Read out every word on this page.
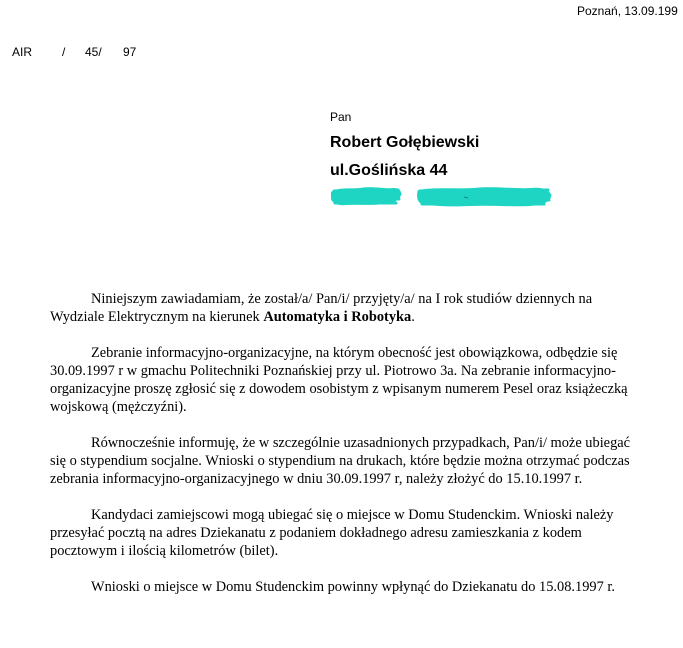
Poznań, 13.09.199
AIR / 45/ 97
Pan
Robert Gołębiewski
ul.Goślińska 44

Niniejszym zawiadamiam, że został/a/ Pan/i/ przyjęty/a/ na I rok studiów dziennych na Wydziale Elektrycznym na kierunek Automatyka i Robotyka.

Zebranie informacyjno-organizacyjne, na którym obecność jest obowiązkowa, odbędzie się 30.09.1997 r w gmachu Politechniki Poznańskiej przy ul. Piotrowo 3a. Na zebranie informacyjno-organizacyjne proszę zgłosić się z dowodem osobistym z wpisanym numerem Pesel oraz książeczką wojskową (mężczyźni).

Równocześnie informuję, że w szczególnie uzasadnionych przypadkach, Pan/i/ może ubiegać się o stypendium socjalne. Wnioski o stypendium na drukach, które będzie można otrzymać podczas zebrania informacyjno-organizacyjnego w dniu 30.09.1997 r, należy złożyć do 15.10.1997 r.

Kandydaci zamiejscowi mogą ubiegać się o miejsce w Domu Studenckim. Wnioski należy przesyłać pocztą na adres Dziekanatu z podaniem dokładnego adresu zamieszkania z kodem pocztowym i ilością kilometrów (bilet).

Wnioski o miejsce w Domu Studenckim powinny wpłynąć do Dziekanatu do 15.08.1997 r.
